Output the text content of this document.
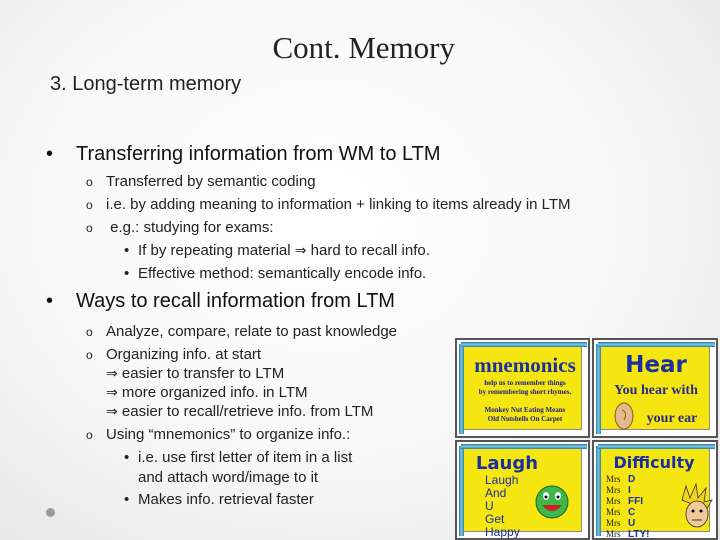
Cont. Memory
3. Long-term memory
• Transferring information from WM to LTM
o Transferred by semantic coding
o i.e. by adding meaning to information + linking to items already in LTM
o e.g.: studying for exams:
• If by repeating material ⇒ hard to recall info.
• Effective method: semantically encode info.
• Ways to recall information from LTM
o Analyze, compare, relate to past knowledge
o Organizing info. at start
⇒ easier to transfer to LTM
⇒ more organized info. in LTM
⇒ easier to recall/retrieve info. from LTM
o Using “mnemonics” to organize info.:
• i.e. use first letter of item in a list
and attach word/image to it
• Makes info. retrieval faster
mnemonics
help us to remember things
by remembering short rhymes.
Monkey Nut Eating Means
Old Nutshells On Carpet
Hear
You hear with
your ear
Laugh
Laugh
And
U
Get
Happy
Difficulty
Mrs D
Mrs I
Mrs FFI
Mrs C
Mrs U
Mrs LTY!
